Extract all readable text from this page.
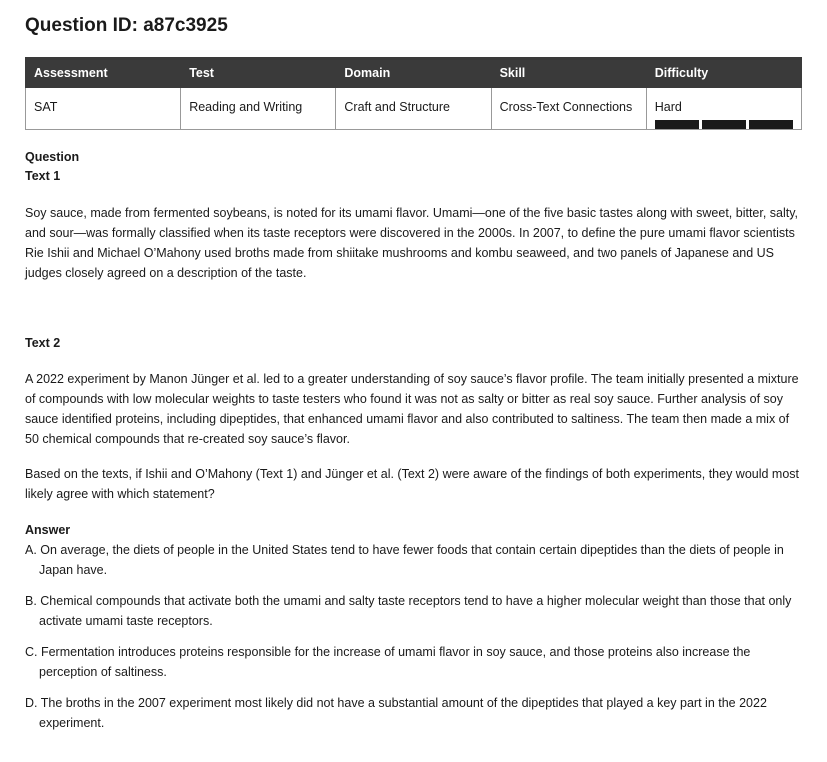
Question ID: a87c3925
Assessment	Test	Domain	Skill	Difficulty
SAT	Reading and Writing	Craft and Structure	Cross-Text Connections	Hard
Question
Text 1

Soy sauce, made from fermented soybeans, is noted for its umami flavor. Umami—one of the five basic tastes along with sweet, bitter, salty, and sour—was formally classified when its taste receptors were discovered in the 2000s. In 2007, to define the pure umami flavor scientists Rie Ishii and Michael O’Mahony used broths made from shiitake mushrooms and kombu seaweed, and two panels of Japanese and US judges closely agreed on a description of the taste.

Text 2

A 2022 experiment by Manon Jünger et al. led to a greater understanding of soy sauce’s flavor profile. The team initially presented a mixture of compounds with low molecular weights to taste testers who found it was not as salty or bitter as real soy sauce. Further analysis of soy sauce identified proteins, including dipeptides, that enhanced umami flavor and also contributed to saltiness. The team then made a mix of 50 chemical compounds that re-created soy sauce’s flavor.

Based on the texts, if Ishii and O’Mahony (Text 1) and Jünger et al. (Text 2) were aware of the findings of both experiments, they would most likely agree with which statement?

Answer
A. On average, the diets of people in the United States tend to have fewer foods that contain certain dipeptides than the diets of people in Japan have.
B. Chemical compounds that activate both the umami and salty taste receptors tend to have a higher molecular weight than those that only activate umami taste receptors.
C. Fermentation introduces proteins responsible for the increase of umami flavor in soy sauce, and those proteins also increase the perception of saltiness.
D. The broths in the 2007 experiment most likely did not have a substantial amount of the dipeptides that played a key part in the 2022 experiment.
